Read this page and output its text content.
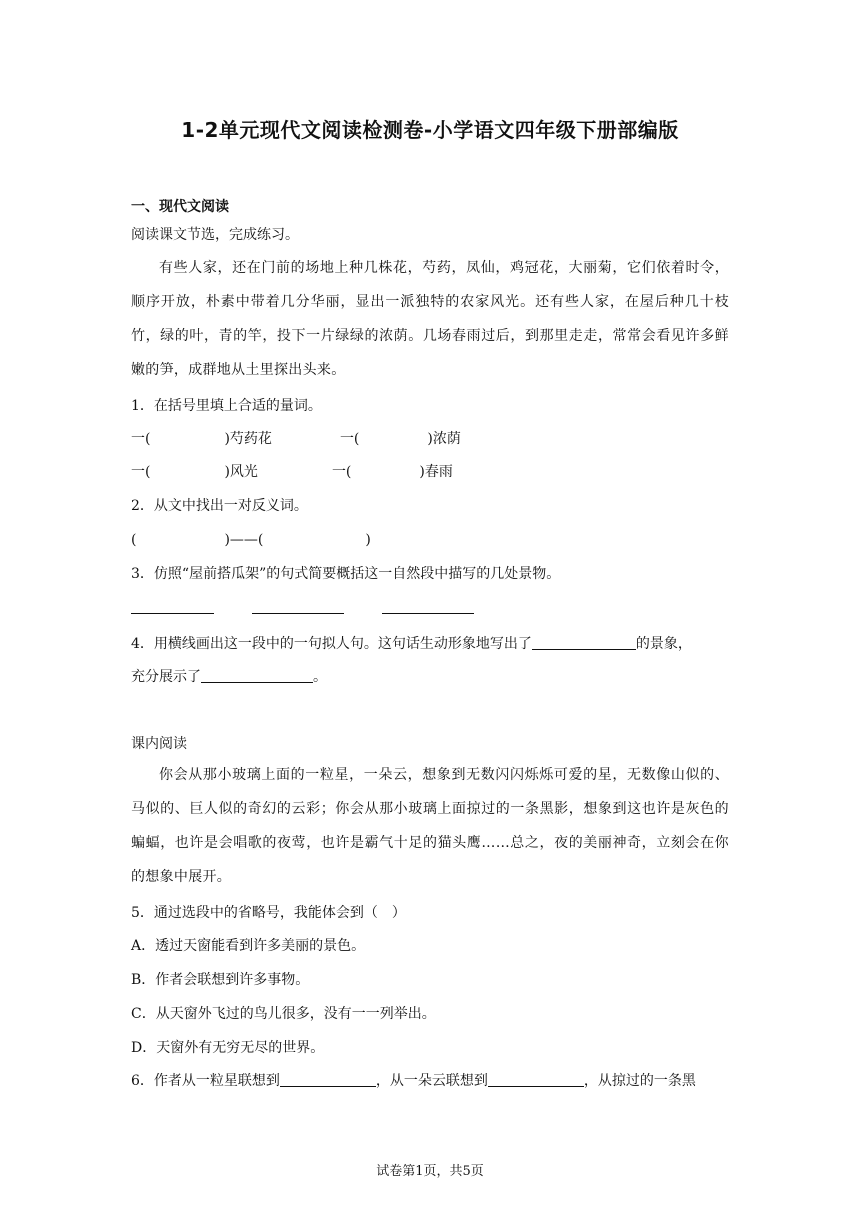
1-2单元现代文阅读检测卷-小学语文四年级下册部编版
一、现代文阅读
阅读课文节选，完成练习。
有些人家，还在门前的场地上种几株花，芍药，凤仙，鸡冠花，大丽菊，它们依着时令，顺序开放，朴素中带着几分华丽，显出一派独特的农家风光。还有些人家，在屋后种几十枝竹，绿的叶，青的竿，投下一片绿绿的浓荫。几场春雨过后，到那里走走，常常会看见许多鲜嫩的笋，成群地从土里探出头来。
1．在括号里填上合适的量词。
一(	)芍药花	一(	)浓荫
一(	)风光	一(	)春雨
2．从文中找出一对反义词。
(	)——(	)
3．仿照“屋前搭瓜架”的句式简要概括这一自然段中描写的几处景物。
4．用横线画出这一段中的一句拟人句。这句话生动形象地写出了	的景象，
充分展示了	。
课内阅读
你会从那小玻璃上面的一粒星，一朵云，想象到无数闪闪烁烁可爱的星，无数像山似的、马似的、巨人似的奇幻的云彩；你会从那小玻璃上面掠过的一条黑影，想象到这也许是灰色的蝙蝠，也许是会唱歌的夜莺，也许是霸气十足的猫头鹰……总之，夜的美丽神奇，立刻会在你的想象中展开。
5．通过选段中的省略号，我能体会到（　）
A．透过天窗能看到许多美丽的景色。
B．作者会联想到许多事物。
C．从天窗外飞过的鸟儿很多，没有一一列举出。
D．天窗外有无穷无尽的世界。
6．作者从一粒星联想到	，从一朵云联想到	，从掠过的一条黑
试卷第1页，共5页
